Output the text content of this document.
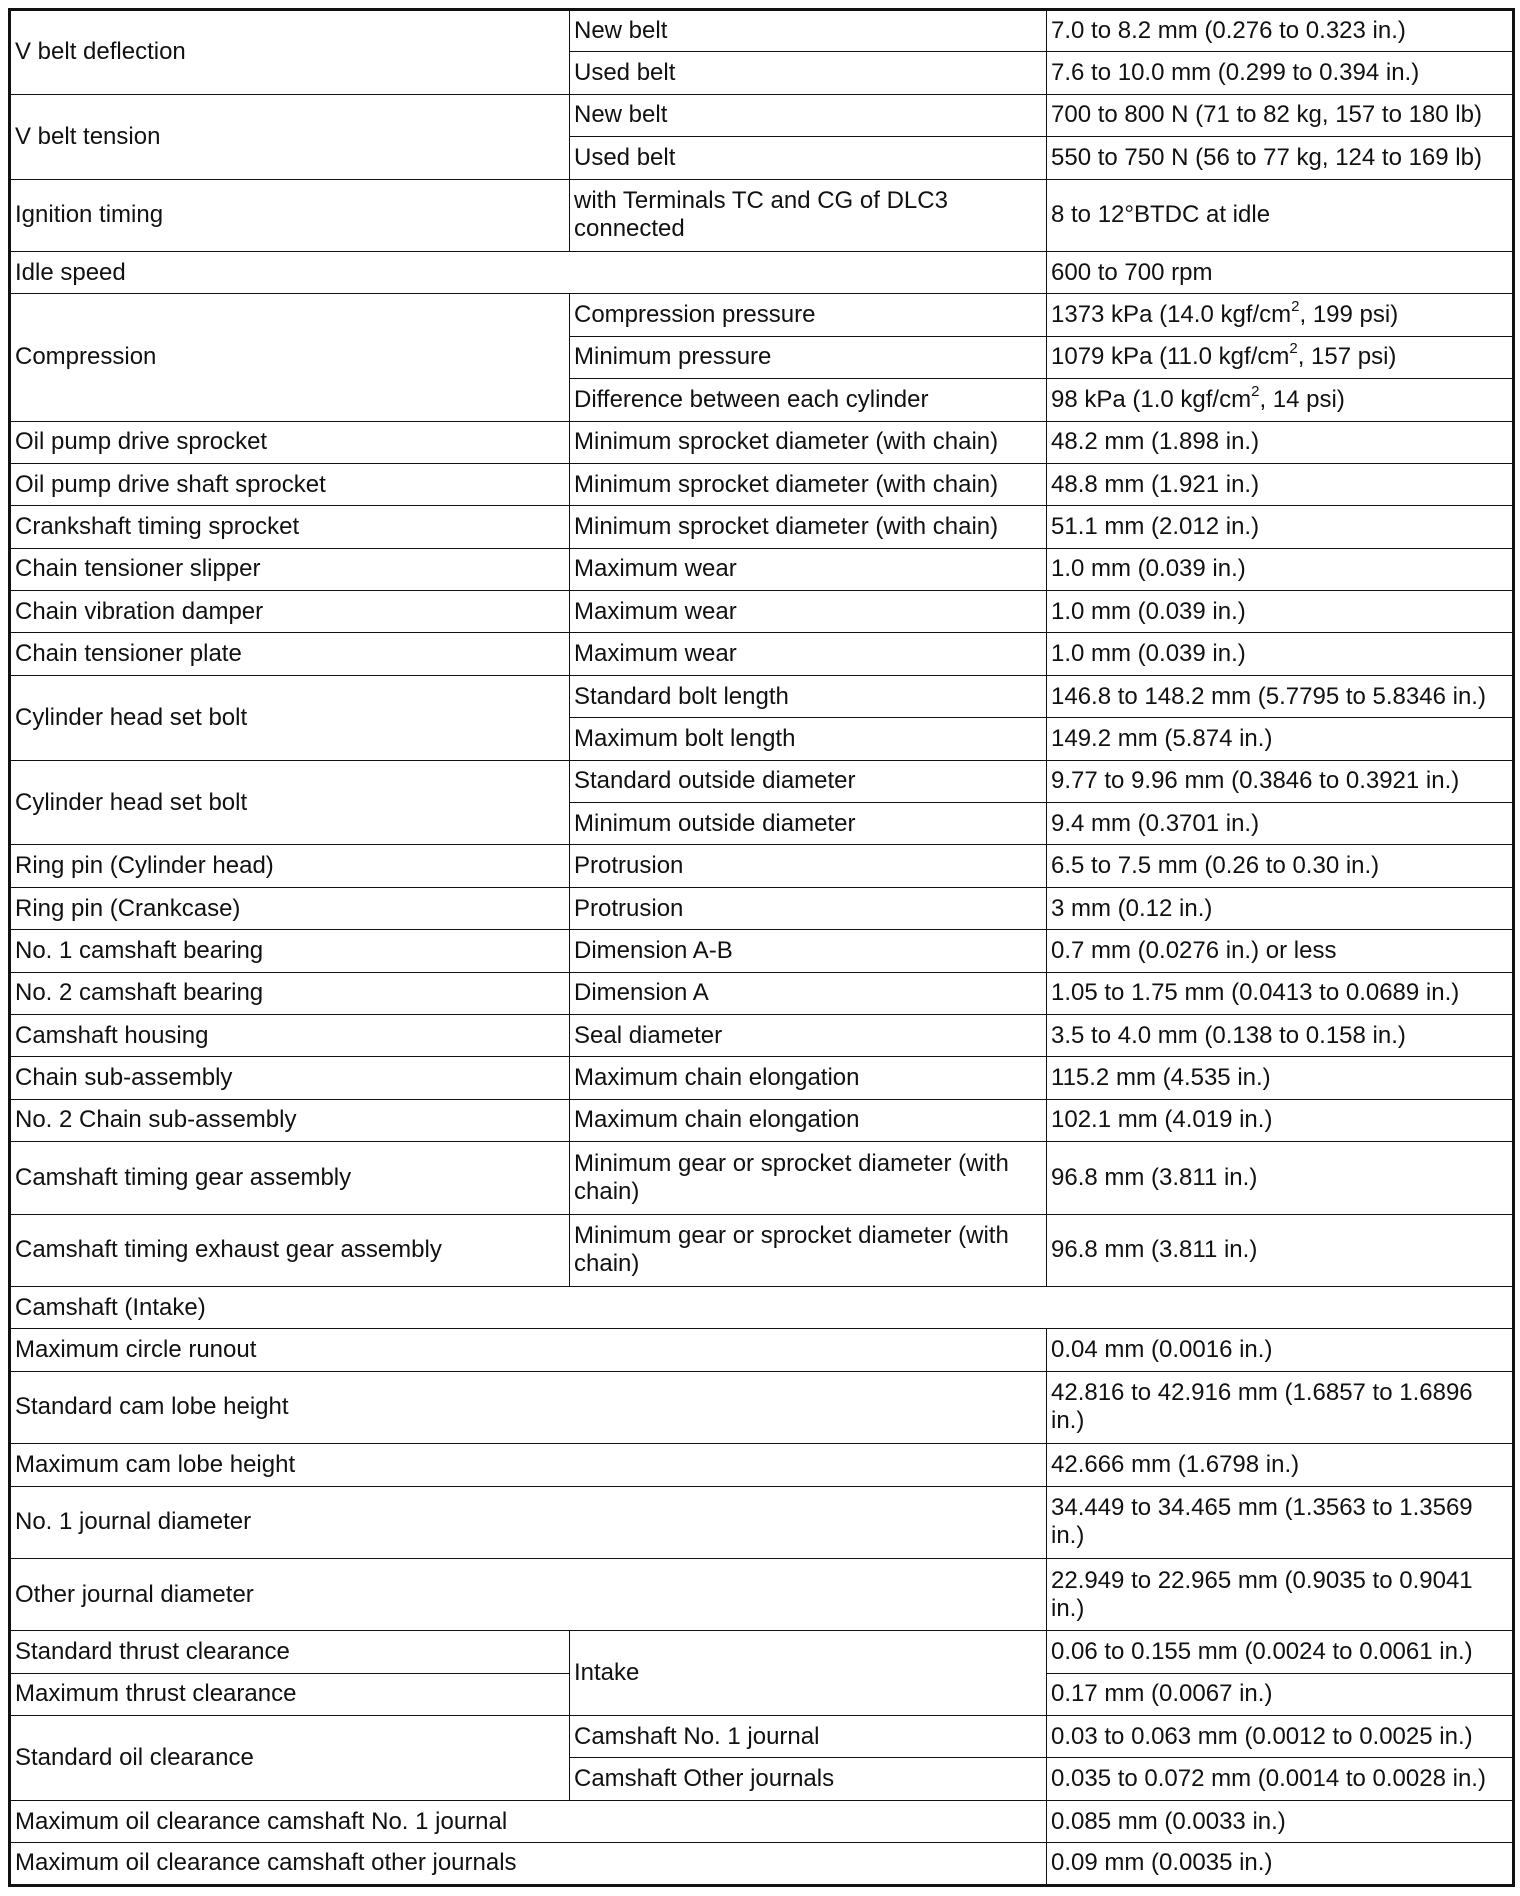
V belt deflection	New belt	7.0 to 8.2 mm (0.276 to 0.323 in.)
	Used belt	7.6 to 10.0 mm (0.299 to 0.394 in.)
V belt tension	New belt	700 to 800 N (71 to 82 kg, 157 to 180 lb)
	Used belt	550 to 750 N (56 to 77 kg, 124 to 169 lb)
Ignition timing	with Terminals TC and CG of DLC3 connected	8 to 12°BTDC at idle
Idle speed		600 to 700 rpm
Compression	Compression pressure	1373 kPa (14.0 kgf/$cm^2$, 199 psi)
	Minimum pressure	1079 kPa (11.0 kgf/$cm^2$, 157 psi)
	Difference between each cylinder	98 kPa (1.0 kgf/$cm^2$, 14 psi)
Oil pump drive sprocket	Minimum sprocket diameter (with chain)	48.2 mm (1.898 in.)
Oil pump drive shaft sprocket	Minimum sprocket diameter (with chain)	48.8 mm (1.921 in.)
Crankshaft timing sprocket	Minimum sprocket diameter (with chain)	51.1 mm (2.012 in.)
Chain tensioner slipper	Maximum wear	1.0 mm (0.039 in.)
Chain vibration damper	Maximum wear	1.0 mm (0.039 in.)
Chain tensioner plate	Maximum wear	1.0 mm (0.039 in.)
Cylinder head set bolt	Standard bolt length	146.8 to 148.2 mm (5.7795 to 5.8346 in.)
	Maximum bolt length	149.2 mm (5.874 in.)
Cylinder head set bolt	Standard outside diameter	9.77 to 9.96 mm (0.3846 to 0.3921 in.)
	Minimum outside diameter	9.4 mm (0.3701 in.)
Ring pin (Cylinder head)	Protrusion	6.5 to 7.5 mm (0.26 to 0.30 in.)
Ring pin (Crankcase)	Protrusion	3 mm (0.12 in.)
No. 1 camshaft bearing	Dimension A-B	0.7 mm (0.0276 in.) or less
No. 2 camshaft bearing	Dimension A	1.05 to 1.75 mm (0.0413 to 0.0689 in.)
Camshaft housing	Seal diameter	3.5 to 4.0 mm (0.138 to 0.158 in.)
Chain sub-assembly	Maximum chain elongation	115.2 mm (4.535 in.)
No. 2 Chain sub-assembly	Maximum chain elongation	102.1 mm (4.019 in.)
Camshaft timing gear assembly	Minimum gear or sprocket diameter (with chain)	96.8 mm (3.811 in.)
Camshaft timing exhaust gear assembly	Minimum gear or sprocket diameter (with chain)	96.8 mm (3.811 in.)
Camshaft (Intake)		
Maximum circle runout		0.04 mm (0.0016 in.)
Standard cam lobe height		42.816 to 42.916 mm (1.6857 to 1.6896 in.)
Maximum cam lobe height		42.666 mm (1.6798 in.)
No. 1 journal diameter		34.449 to 34.465 mm (1.3563 to 1.3569 in.)
Other journal diameter		22.949 to 22.965 mm (0.9035 to 0.9041 in.)
Standard thrust clearance	Intake	0.06 to 0.155 mm (0.0024 to 0.0061 in.)
Maximum thrust clearance		0.17 mm (0.0067 in.)
Standard oil clearance	Camshaft No. 1 journal	0.03 to 0.063 mm (0.0012 to 0.0025 in.)
	Camshaft Other journals	0.035 to 0.072 mm (0.0014 to 0.0028 in.)
Maximum oil clearance camshaft No. 1 journal		0.085 mm (0.0033 in.)
Maximum oil clearance camshaft other journals		0.09 mm (0.0035 in.)
